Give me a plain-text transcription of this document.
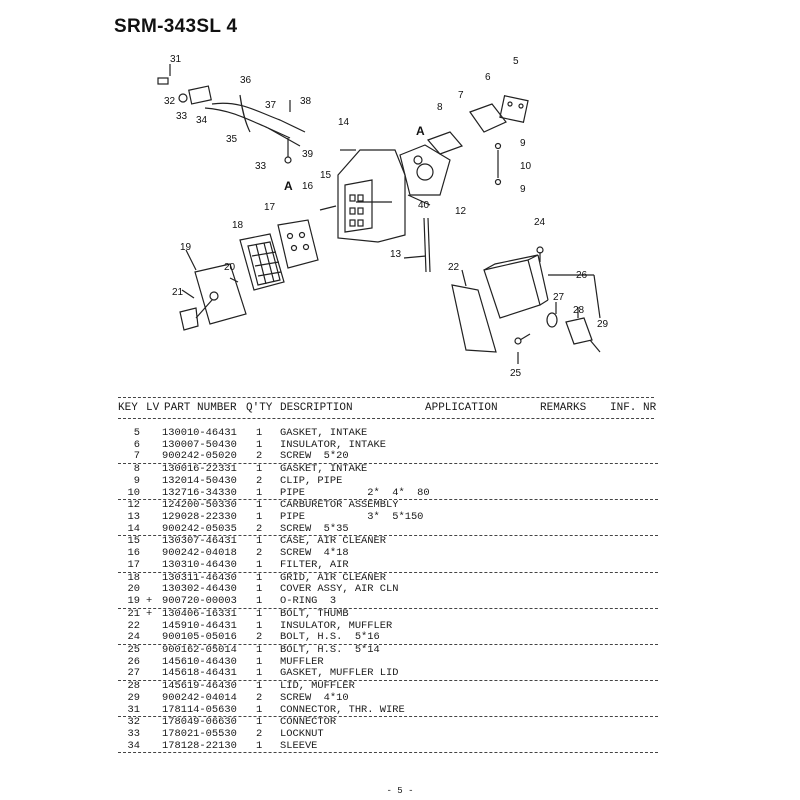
SRM-343SL 4
31
32
33 34
36
37 38
35
39
33
A
14
15
16
17
18
19
20
21
40
12
13
8
A
7
6
5
9
10
9
24
22
26
27
28
29
25

KEY

LV

PART NUMBER

Q'TY

DESCRIPTION

	APPLICATION

	REMARKS

INF. NR

5 130010-46431 1 GASKET, INTAKE
6 130007-50430 1 INSULATOR, INTAKE
7 900242-05020 2 SCREW  5*20
8 130016-22331 1 GASKET, INTAKE
9 132014-50430 2 CLIP, PIPE
10 132716-34330 1 PIPE          2*  4*  80
12 124200-50330 1 CARBURETOR ASSEMBLY
13 129028-22330 1 PIPE          3*  5*150
14 900242-05035 2 SCREW  5*35
15 130307-46431 1 CASE, AIR CLEANER
16 900242-04018 2 SCREW  4*18
17 130310-46430 1 FILTER, AIR
18 130311-46430 1 GRID, AIR CLEANER
20 130302-46430 1 COVER ASSY, AIR CLN
19 + 900720-00003 1 O-RING  3
21 + 130406-16331 1 BOLT, THUMB
22 145910-46431 1 INSULATOR, MUFFLER
24 900105-05016 2 BOLT, H.S.  5*16
25 900162-05014 1 BOLT, H.S.  5*14
26 145610-46430 1 MUFFLER
27 145618-46431 1 GASKET, MUFFLER LID
28 145619-46430 1 LID, MUFFLER
29 900242-04014 2 SCREW  4*10
31 178114-05630 1 CONNECTOR, THR. WIRE
32 178049-06630 1 CONNECTOR
33 178021-05530 2 LOCKNUT
34 178128-22130 1 SLEEVE
- 5 -
